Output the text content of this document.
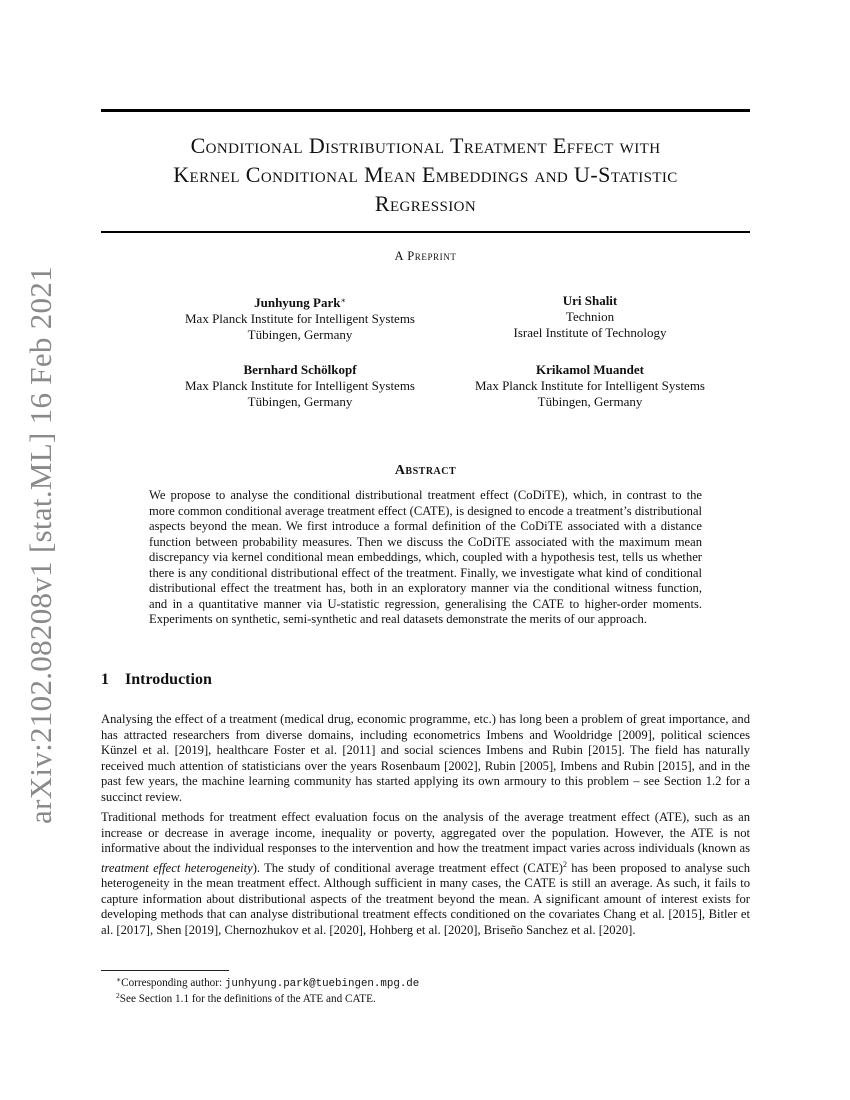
arXiv:2102.08208v1 [stat.ML] 16 Feb 2021
Conditional Distributional Treatment Effect with
Kernel Conditional Mean Embeddings and U-Statistic
Regression
A Preprint
Junhyung Park∗
Max Planck Institute for Intelligent Systems
Tübingen, Germany
Uri Shalit
Technion
Israel Institute of Technology
Bernhard Schölkopf
Max Planck Institute for Intelligent Systems
Tübingen, Germany
Krikamol Muandet
Max Planck Institute for Intelligent Systems
Tübingen, Germany
Abstract
We propose to analyse the conditional distributional treatment effect (CoDiTE), which, in contrast to the more common conditional average treatment effect (CATE), is designed to encode a treatment’s distributional aspects beyond the mean. We first introduce a formal definition of the CoDiTE associated with a distance function between probability measures. Then we discuss the CoDiTE associated with the maximum mean discrepancy via kernel conditional mean embeddings, which, coupled with a hypothesis test, tells us whether there is any conditional distributional effect of the treatment. Finally, we investigate what kind of conditional distributional effect the treatment has, both in an exploratory manner via the conditional witness function, and in a quantitative manner via U-statistic regression, generalising the CATE to higher-order moments. Experiments on synthetic, semi-synthetic and real datasets demonstrate the merits of our approach.
1 Introduction
Analysing the effect of a treatment (medical drug, economic programme, etc.) has long been a problem of great importance, and has attracted researchers from diverse domains, including econometrics Imbens and Wooldridge [2009], political sciences Künzel et al. [2019], healthcare Foster et al. [2011] and social sciences Imbens and Rubin [2015]. The field has naturally received much attention of statisticians over the years Rosenbaum [2002], Rubin [2005], Imbens and Rubin [2015], and in the past few years, the machine learning community has started applying its own armoury to this problem – see Section 1.2 for a succinct review.
Traditional methods for treatment effect evaluation focus on the analysis of the average treatment effect (ATE), such as an increase or decrease in average income, inequality or poverty, aggregated over the population. However, the ATE is not informative about the individual responses to the intervention and how the treatment impact varies across individuals (known as treatment effect heterogeneity). The study of conditional average treatment effect (CATE)$^2$ has been proposed to analyse such heterogeneity in the mean treatment effect. Although sufficient in many cases, the CATE is still an average. As such, it fails to capture information about distributional aspects of the treatment beyond the mean. A significant amount of interest exists for developing methods that can analyse distributional treatment effects conditioned on the covariates Chang et al. [2015], Bitler et al. [2017], Shen [2019], Chernozhukov et al. [2020], Hohberg et al. [2020], Briseño Sanchez et al. [2020].
∗Corresponding author: junhyung.park@tuebingen.mpg.de
$^2$See Section 1.1 for the definitions of the ATE and CATE.
